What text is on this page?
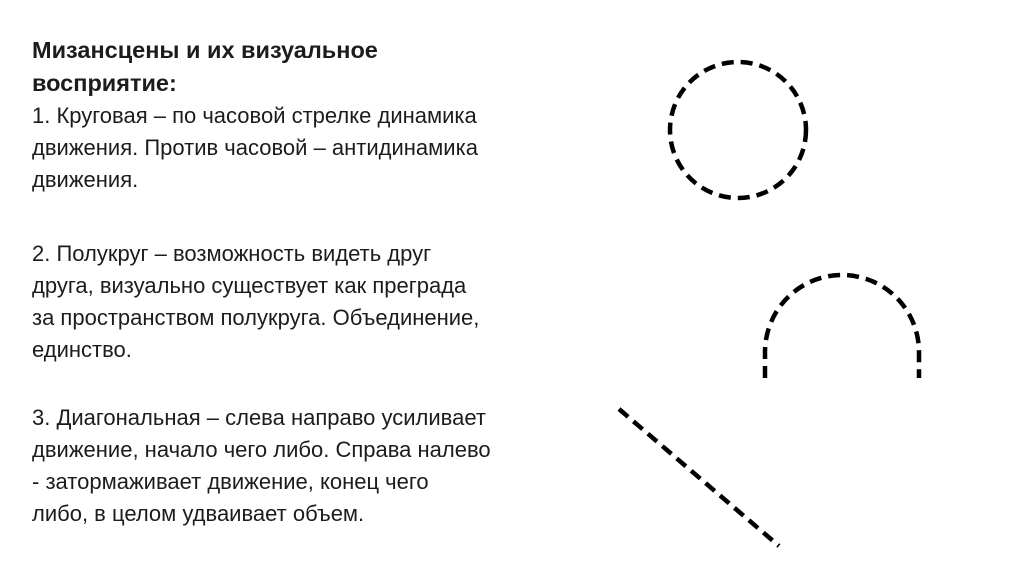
Мизансцены и их визуальное
восприятие:

1. Круговая – по часовой стрелке динамика

движения. Против часовой – антидинамика

движения.

2. Полукруг – возможность видеть друг

друга, визуально существует как преграда

за пространством полукруга. Объединение,

единство.

3. Диагональная – слева направо усиливает

движение, начало чего либо. Справа налево

- затормаживает движение, конец чего

либо, в целом удваивает объем.
